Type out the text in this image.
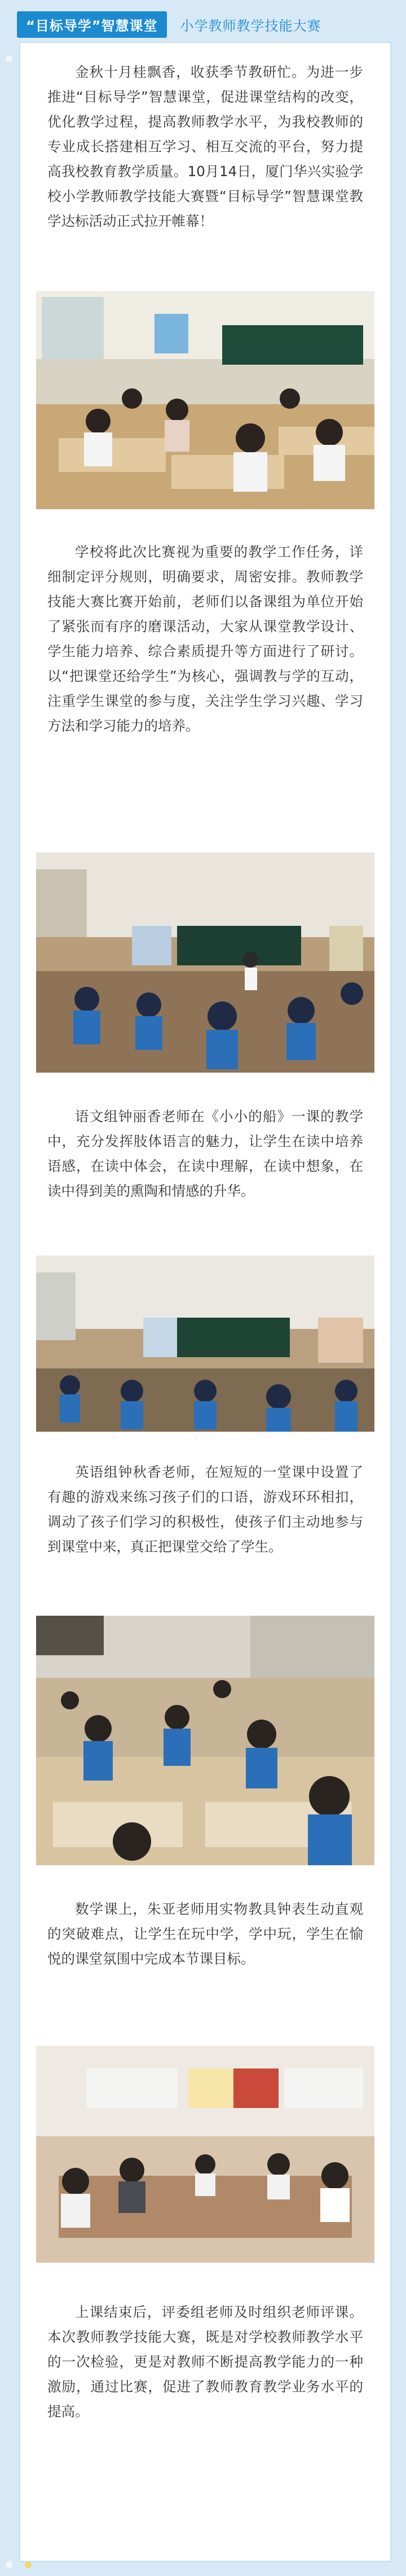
“目标导学”智慧课堂	小学教师教学技能大赛

金秋十月桂飘香，收获季节教研忙。为进一步推进“目标导学”智慧课堂，促进课堂结构的改变，优化教学过程，提高教师教学水平，为我校教师的专业成长搭建相互学习、相互交流的平台，努力提高我校教育教学质量。10月14日，厦门华兴实验学校小学教师教学技能大赛暨“目标导学”智慧课堂教学达标活动正式拉开帷幕！

学校将此次比赛视为重要的教学工作任务，详细制定评分规则，明确要求，周密安排。教师教学技能大赛比赛开始前，老师们以备课组为单位开始了紧张而有序的磨课活动，大家从课堂教学设计、学生能力培养、综合素质提升等方面进行了研讨。以“把课堂还给学生”为核心，强调教与学的互动，注重学生课堂的参与度，关注学生学习兴趣、学习方法和学习能力的培养。

语文组钟丽香老师在《小小的船》一课的教学中，充分发挥肢体语言的魅力，让学生在读中培养语感，在读中体会，在读中理解，在读中想象，在读中得到美的熏陶和情感的升华。

英语组钟秋香老师，在短短的一堂课中设置了有趣的游戏来练习孩子们的口语，游戏环环相扣，调动了孩子们学习的积极性，使孩子们主动地参与到课堂中来，真正把课堂交给了学生。

数学课上，朱亚老师用实物教具钟表生动直观的突破难点，让学生在玩中学，学中玩，学生在愉悦的课堂氛围中完成本节课目标。

上课结束后，评委组老师及时组织老师评课。本次教师教学技能大赛，既是对学校教师教学水平的一次检验，更是对教师不断提高教学能力的一种激励，通过比赛，促进了教师教育教学业务水平的提高。
